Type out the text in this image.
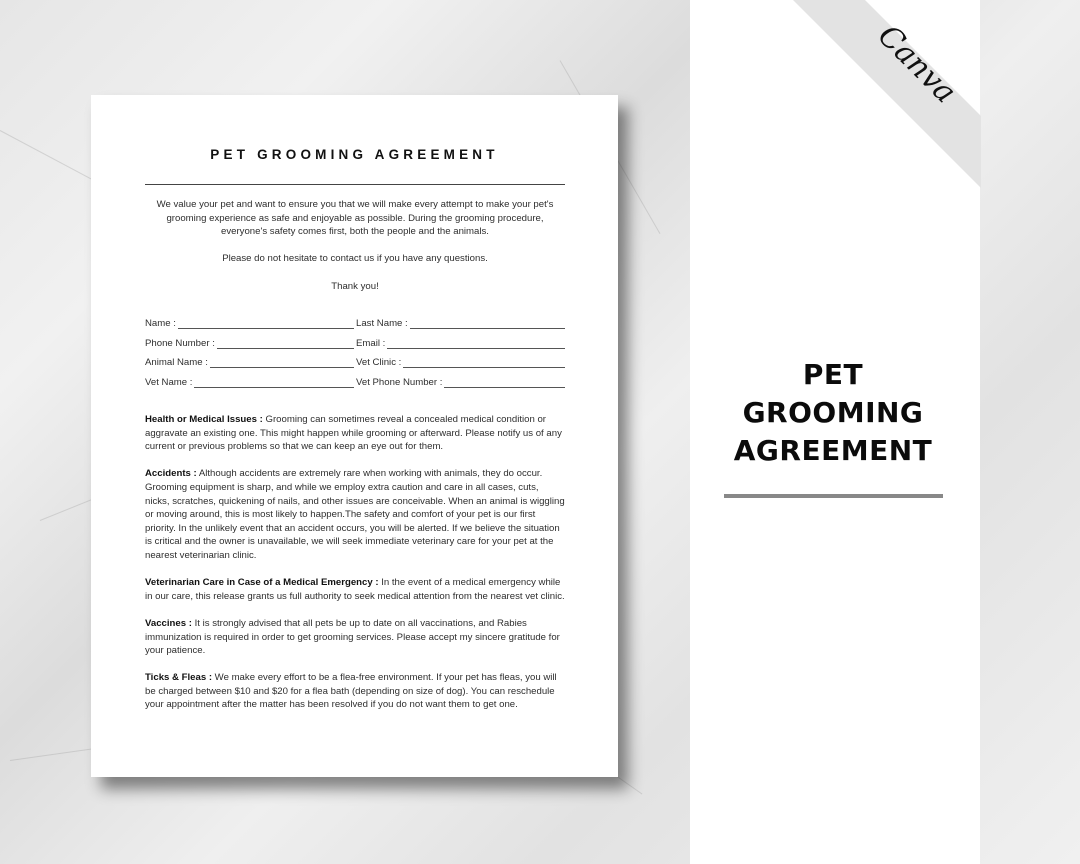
PET GROOMING AGREEMENT

We value your pet and want to ensure you that we will make every attempt to make your pet's grooming experience as safe and enjoyable as possible. During the grooming procedure, everyone's safety comes first, both the people and the animals.

Please do not hesitate to contact us if you have any questions.

Thank you!

Name :	Last Name :
Phone Number :	Email :
Animal Name :	Vet Clinic :
Vet Name :	Vet Phone Number :

Health or Medical Issues : Grooming can sometimes reveal a concealed medical condition or aggravate an existing one. This might happen while grooming or afterward. Please notify us of any current or previous problems so that we can keep an eye out for them.

Accidents : Although accidents are extremely rare when working with animals, they do occur. Grooming equipment is sharp, and while we employ extra caution and care in all cases, cuts, nicks, scratches, quickening of nails, and other issues are conceivable. When an animal is wiggling or moving around, this is most likely to happen.The safety and comfort of your pet is our first priority. In the unlikely event that an accident occurs, you will be alerted. If we believe the situation is critical and the owner is unavailable, we will seek immediate veterinary care for your pet at the nearest veterinarian clinic.

Veterinarian Care in Case of a Medical Emergency : In the event of a medical emergency while in our care, this release grants us full authority to seek medical attention from the nearest vet clinic.

Vaccines : It is strongly advised that all pets be up to date on all vaccinations, and Rabies immunization is required in order to get grooming services. Please accept my sincere gratitude for your patience.

Ticks & Fleas : We make every effort to be a flea-free environment. If your pet has fleas, you will be charged between $10 and $20 for a flea bath (depending on size of dog). You can reschedule your appointment after the matter has been resolved if you do not want them to get one.

Canva
PET
GROOMING
AGREEMENT
